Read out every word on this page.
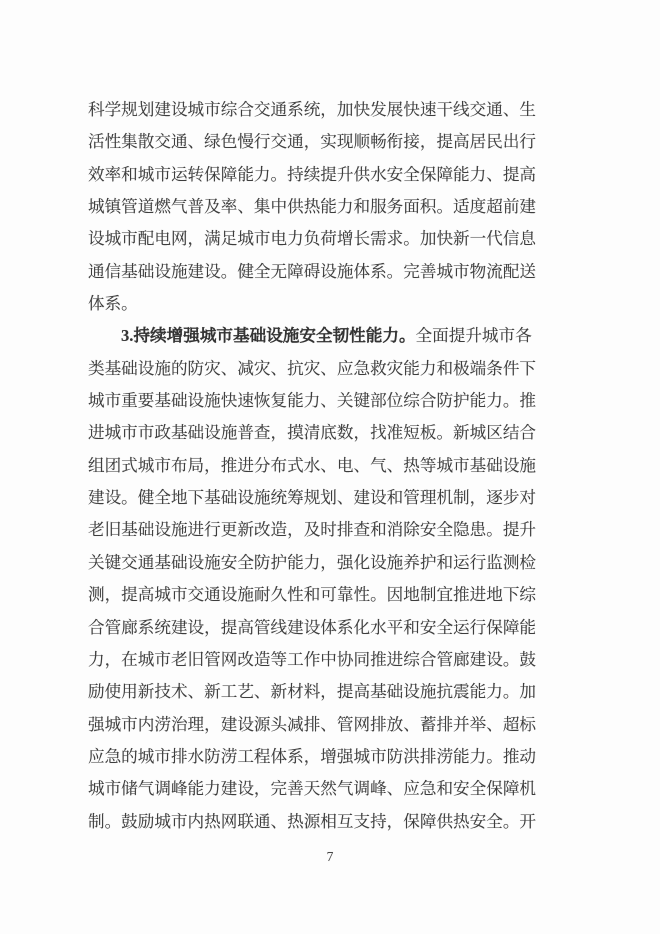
科学规划建设城市综合交通系统，加快发展快速干线交通、生
活性集散交通、绿色慢行交通，实现顺畅衔接，提高居民出行
效率和城市运转保障能力。持续提升供水安全保障能力、提高
城镇管道燃气普及率、集中供热能力和服务面积。适度超前建
设城市配电网，满足城市电力负荷增长需求。加快新一代信息
通信基础设施建设。健全无障碍设施体系。完善城市物流配送
体系。
3.持续增强城市基础设施安全韧性能力。全面提升城市各
类基础设施的防灾、减灾、抗灾、应急救灾能力和极端条件下
城市重要基础设施快速恢复能力、关键部位综合防护能力。推
进城市市政基础设施普查，摸清底数，找准短板。新城区结合
组团式城市布局，推进分布式水、电、气、热等城市基础设施
建设。健全地下基础设施统筹规划、建设和管理机制，逐步对
老旧基础设施进行更新改造，及时排查和消除安全隐患。提升
关键交通基础设施安全防护能力，强化设施养护和运行监测检
测，提高城市交通设施耐久性和可靠性。因地制宜推进地下综
合管廊系统建设，提高管线建设体系化水平和安全运行保障能
力，在城市老旧管网改造等工作中协同推进综合管廊建设。鼓
励使用新技术、新工艺、新材料，提高基础设施抗震能力。加
强城市内涝治理，建设源头减排、管网排放、蓄排并举、超标
应急的城市排水防涝工程体系，增强城市防洪排涝能力。推动
城市储气调峰能力建设，完善天然气调峰、应急和安全保障机
制。鼓励城市内热网联通、热源相互支持，保障供热安全。开
7
